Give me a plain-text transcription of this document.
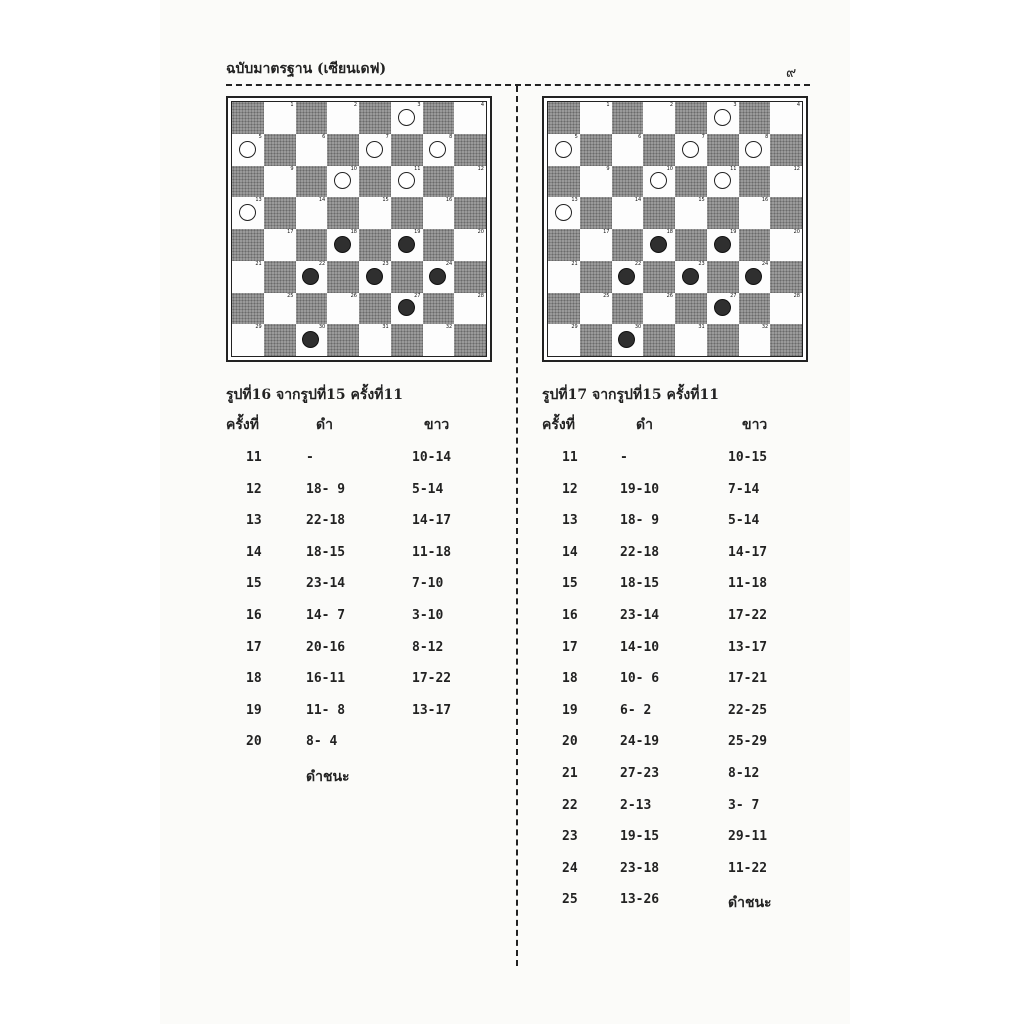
ฉบับมาตรฐาน (เซียนเดฟ)	๙
1	2	3	4
5	6	7	8
9	10	11	12
13	14	15	16
17	18	19	20
21	22	23	24
25	26	27	28
29	30	31	32
รูปที่16 จากรูปที่15 ครั้งที่11
ครั้งที่	ดำ	ขาว
11	-	10-14
12	18- 9	5-14
13	22-18	14-17
14	18-15	11-18
15	23-14	7-10
16	14- 7	3-10
17	20-16	8-12
18	16-11	17-22
19	11- 8	13-17
20	8- 4
ดำชนะ
1	2	3	4
5	6	7	8
9	10	11	12
13	14	15	16
17	18	19	20
21	22	23	24
25	26	27	28
29	30	31	32
รูปที่17 จากรูปที่15 ครั้งที่11
ครั้งที่	ดำ	ขาว
11	-	10-15
12	19-10	7-14
13	18- 9	5-14
14	22-18	14-17
15	18-15	11-18
16	23-14	17-22
17	14-10	13-17
18	10- 6	17-21
19	6- 2	22-25
20	24-19	25-29
21	27-23	8-12
22	2-13	3- 7
23	19-15	29-11
24	23-18	11-22
25	13-26	ดำชนะ
